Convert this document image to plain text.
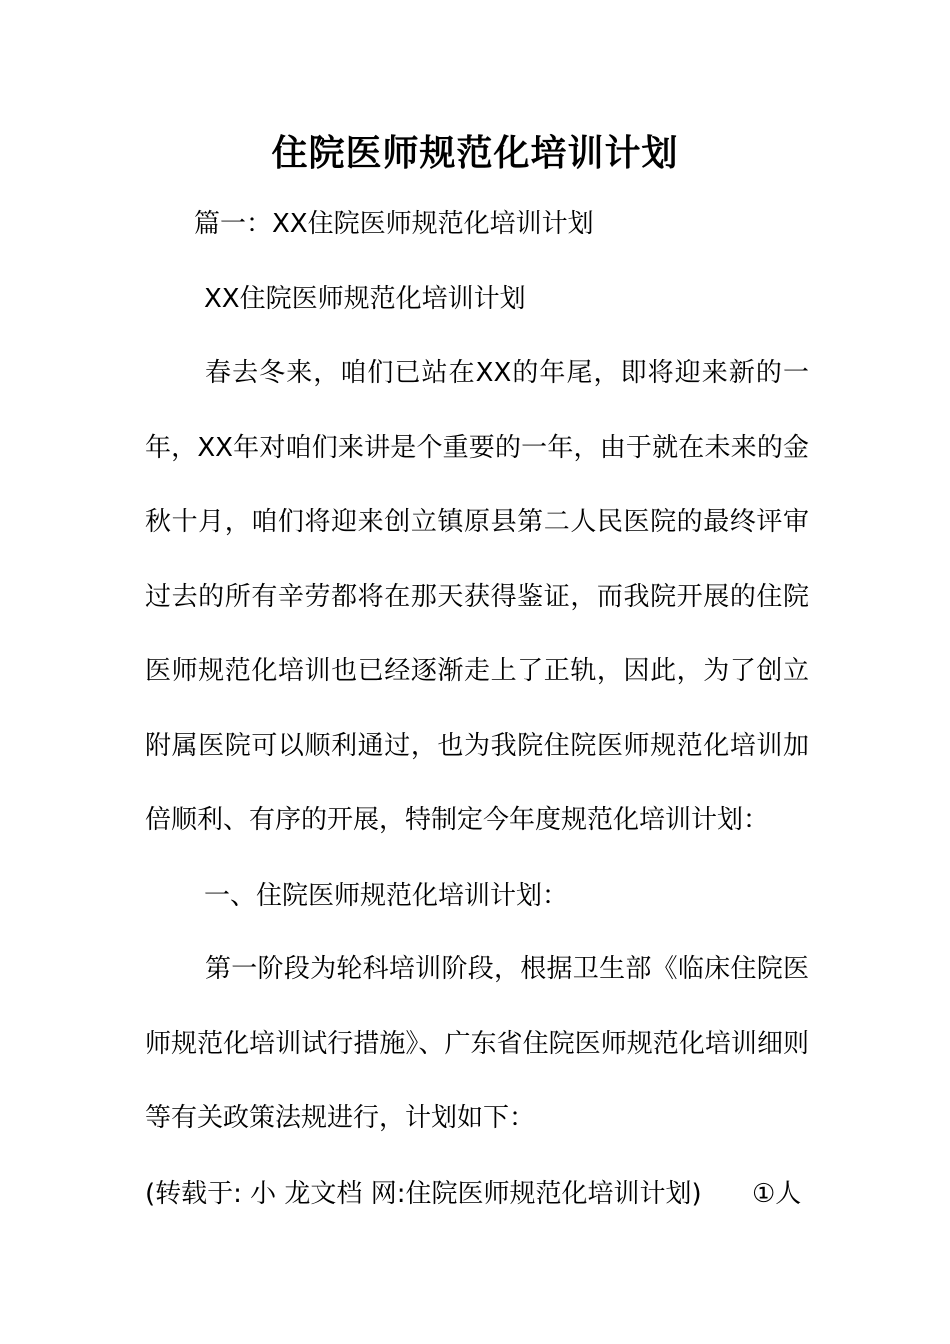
住院医师规范化培训计划
篇一：XX住院医师规范化培训计划
XX住院医师规范化培训计划
春去冬来，咱们已站在XX的年尾，即将迎来新的一年，XX年对咱们来讲是个重要的一年，由于就在未来的金秋十月，咱们将迎来创立镇原县第二人民医院的最终评审过去的所有辛劳都将在那天获得鉴证，而我院开展的住院医师规范化培训也已经逐渐走上了正轨，因此，为了创立附属医院可以顺利通过，也为我院住院医师规范化培训加倍顺利、有序的开展，特制定今年度规范化培训计划：
一、住院医师规范化培训计划：
第一阶段为轮科培训阶段，根据卫生部《临床住院医师规范化培训试行措施》、广东省住院医师规范化培训细则等有关政策法规进行，计划如下：
(转载于: 小 龙文档 网:住院医师规范化培训计划) ①人
